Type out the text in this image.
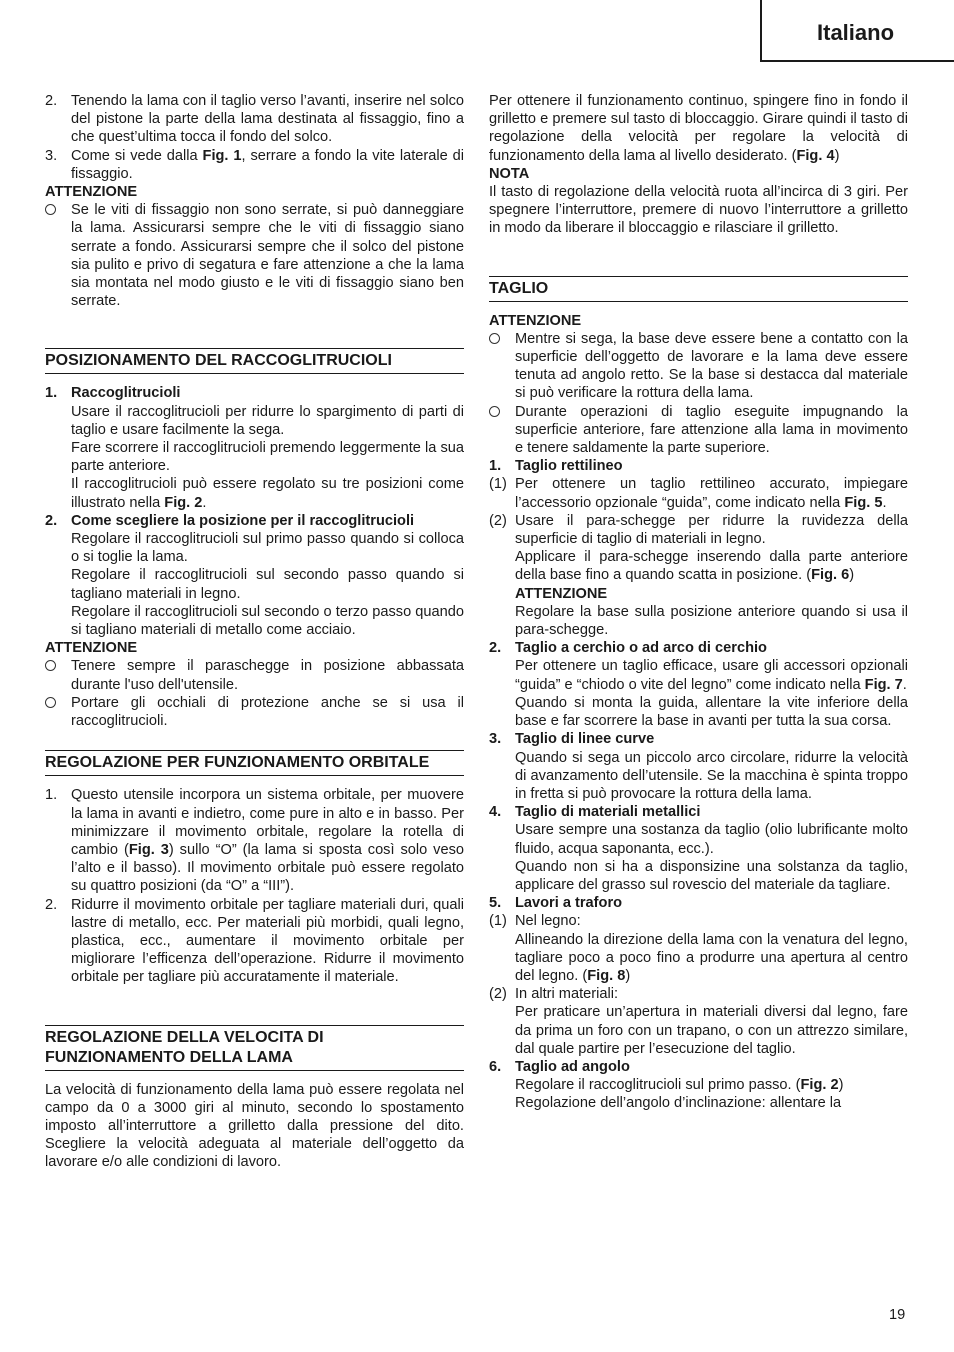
Italiano
2. Tenendo la lama con il taglio verso l’avanti, inserire nel solco del pistone la parte della lama destinata al fissaggio, fino a che quest’ultima tocca il fondo del solco.
3. Come si vede dalla Fig. 1, serrare a fondo la vite laterale di fissaggio.
ATTENZIONE
Se le viti di fissaggio non sono serrate, si può danneggiare la lama. Assicurarsi sempre che le viti di fissaggio siano serrate a fondo. Assicurarsi sempre che il solco del pistone sia pulito e privo di segatura e fare attenzione a che la lama sia montata nel modo giusto e le viti di fissaggio siano ben serrate.
POSIZIONAMENTO DEL RACCOGLITRUCIOLI
1. Raccoglitrucioli

Usare il raccoglitrucioli per ridurre lo spargimento di parti di taglio e usare facilmente la sega.

Fare scorrere il raccoglitrucioli premendo leggermente la sua parte anteriore.

Il raccoglitrucioli può essere regolato su tre posizioni come illustrato nella Fig. 2.

2. Come scegliere la posizione per il raccoglitrucioli

Regolare il raccoglitrucioli sul primo passo quando si colloca o si toglie la lama.

Regolare il raccoglitrucioli sul secondo passo quando si tagliano materiali in legno.

Regolare il raccoglitrucioli sul secondo o terzo passo quando si tagliano materiali di metallo come acciaio.

ATTENZIONE
Tenere sempre il paraschegge in posizione abbassata durante l'uso dell'utensile.
Portare gli occhiali di protezione anche se si usa il raccoglitrucioli.
REGOLAZIONE PER FUNZIONAMENTO ORBITALE
1. Questo utensile incorpora un sistema orbitale, per muovere la lama in avanti e indietro, come pure in alto e in basso. Per minimizzare il movimento orbitale, regolare la rotella di cambio (Fig. 3) sullo “O” (la lama si sposta così solo veso l’alto e il basso). Il movimento orbitale può essere regolato su quattro posizioni (da “O” a “III”).
2. Ridurre il movimento orbitale per tagliare materiali duri, quali lastre di metallo, ecc. Per materiali più morbidi, quali legno, plastica, ecc., aumentare il movimento orbitale per migliorare l’efficenza dell’operazione. Ridurre il movimento orbitale per tagliare più accuratamente il materiale.
REGOLAZIONE DELLA VELOCITA DI FUNZIONAMENTO DELLA LAMA

La velocità di funzionamento della lama può essere regolata nel campo da 0 a 3000 giri al minuto, secondo lo spostamento imposto all’interruttore a grilletto dalla pressione del dito. Scegliere la velocità adeguata al materiale dell’oggetto da lavorare e/o alle condizioni di lavoro.

Per ottenere il funzionamento continuo, spingere fino in fondo il grilletto e premere sul tasto di bloccaggio. Girare quindi il tasto di regolazione della velocità per regolare la velocità di funzionamento della lama al livello desiderato. (Fig. 4)

NOTA

Il tasto di regolazione della velocità ruota all’incirca di 3 giri. Per spegnere l’interruttore, premere di nuovo l’interruttore a grilletto in modo da liberare il bloccaggio e rilasciare il grilletto.

TAGLIO
ATTENZIONE
Mentre si sega, la base deve essere bene a contatto con la superficie dell’oggetto de lavorare e la lama deve essere tenuta ad angolo retto. Se la base si destacca dal materiale si può verificare la rottura della lama.
Durante operazioni di taglio eseguite impugnando la superficie anteriore, fare attenzione alla lama in movimento e tenere saldamente la parte superiore.
1. Taglio rettilineo
(1) Per ottenere un taglio rettilineo accurato, impiegare l’accessorio opzionale “guida”, come indicato nella Fig. 5.
(2) Usare il para-schegge per ridurre la ruvidezza della superficie di taglio di materiali in legno.

Applicare il para-schegge inserendo dalla parte anteriore della base fino a quando scatta in posizione. (Fig. 6)

ATTENZIONE

Regolare la base sulla posizione anteriore quando si usa il para-schegge.

2. Taglio a cerchio o ad arco di cerchio

Per ottenere un taglio efficace, usare gli accessori opzionali “guida” e “chiodo o vite del legno” come indicato nella Fig. 7.

Quando si monta la guida, allentare la vite inferiore della base e far scorrere la base in avanti per tutta la sua corsa.

3. Taglio di linee curve

Quando si sega un piccolo arco circolare, ridurre la velocità di avanzamento dell’utensile. Se la macchina è spinta troppo in fretta si può provocare la rottura della lama.

4. Taglio di materiali metallici

Usare sempre una sostanza da taglio (olio lubrificante molto fluido, acqua saponanta, ecc.).

Quando non si ha a disponsizine una solstanza da taglio, applicare del grasso sul rovescio del materiale da tagliare.

5. Lavori a traforo
(1) Nel legno:

Allineando la direzione della lama con la venatura del legno, tagliare poco a poco fino a produrre una apertura al centro del legno. (Fig. 8)

(2) In altri materiali:

Per praticare un’apertura in materiali diversi dal legno, fare da prima un foro con un trapano, o con un attrezzo similare, dal quale partire per l’esecuzione del taglio.

6. Taglio ad angolo

Regolare il raccoglitrucioli sul primo passo. (Fig. 2)

Regolazione dell’angolo d’inclinazione: allentare la

19
